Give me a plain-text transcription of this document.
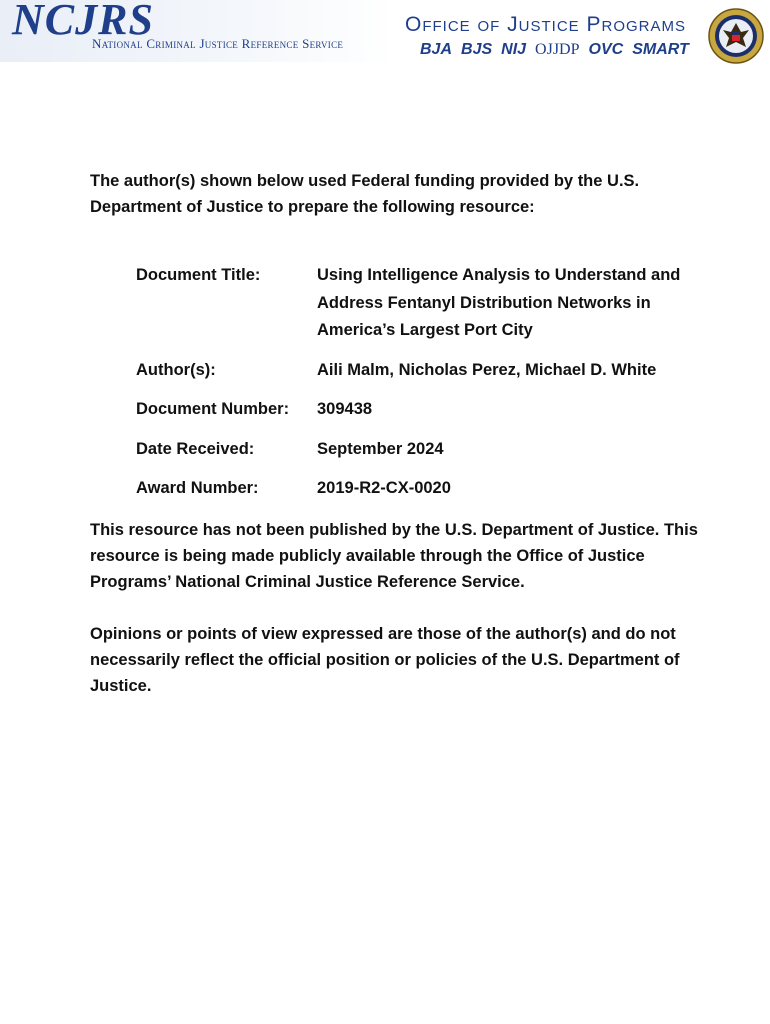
NCJRS
National Criminal Justice Reference Service
Office of Justice Programs
BJA BJS NIJ OJJDP OVC SMART

The author(s) shown below used Federal funding provided by the U.S. Department of Justice to prepare the following resource:

Document Title:	Using Intelligence Analysis to Understand and Address Fentanyl Distribution Networks in America’s Largest Port City
Author(s):	Aili Malm, Nicholas Perez, Michael D. White
Document Number:	309438
Date Received:	September 2024
Award Number:	2019-R2-CX-0020

This resource has not been published by the U.S. Department of Justice. This resource is being made publicly available through the Office of Justice Programs’ National Criminal Justice Reference Service.

Opinions or points of view expressed are those of the author(s) and do not necessarily reflect the official position or policies of the U.S. Department of Justice.
